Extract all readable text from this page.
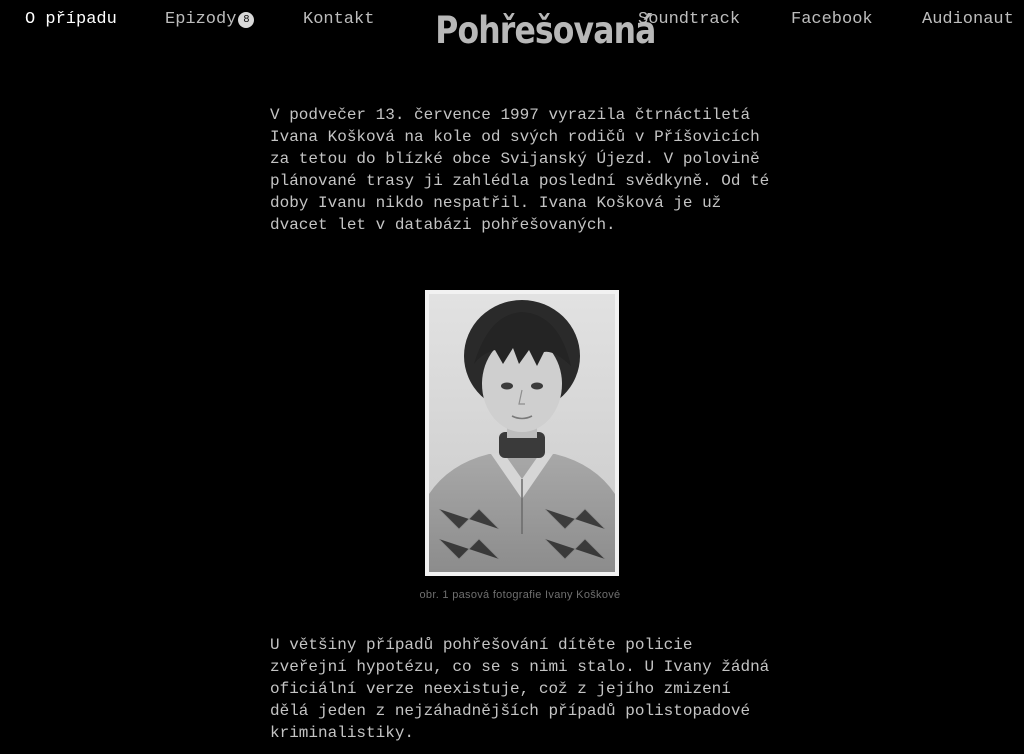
O případu	Epizody 8	Kontakt Pohřešovaná
Soundtrack	Facebook	Audionaut

V podvečer 13. července 1997 vyrazila čtrnáctiletá Ivana Košková na kole od svých rodičů v Příšovicích za tetou do blízké obce Svijanský Újezd. V polovině plánované trasy ji zahlédla poslední svědkyně. Od té doby Ivanu nikdo nespatřil. Ivana Košková je už dvacet let v databázi pohřešovaných.

obr. 1 pasová fotografie Ivany Koškové

U většiny případů pohřešování dítěte policie zveřejní hypotézu, co se s nimi stalo. U Ivany žádná oficiální verze neexistuje, což z jejího zmizení dělá jeden z nejzáhadnějších případů polistopadové kriminalistiky.
